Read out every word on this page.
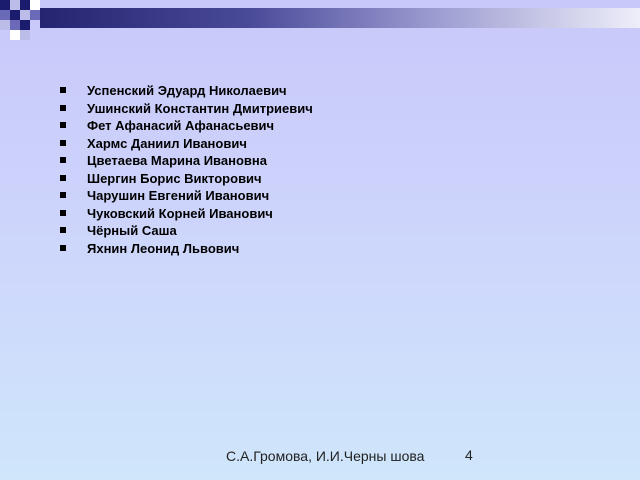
Успенский Эдуард Николаевич
Ушинский Константин Дмитриевич
Фет Афанасий Афанасьевич
Хармс Даниил Иванович
Цветаева Марина Ивановна
Шергин Борис Викторович
Чарушин Евгений Иванович
Чуковский Корней Иванович
Чёрный Саша
Яхнин Леонид Львович
С.А.Громова, И.И.Черны шова	4
